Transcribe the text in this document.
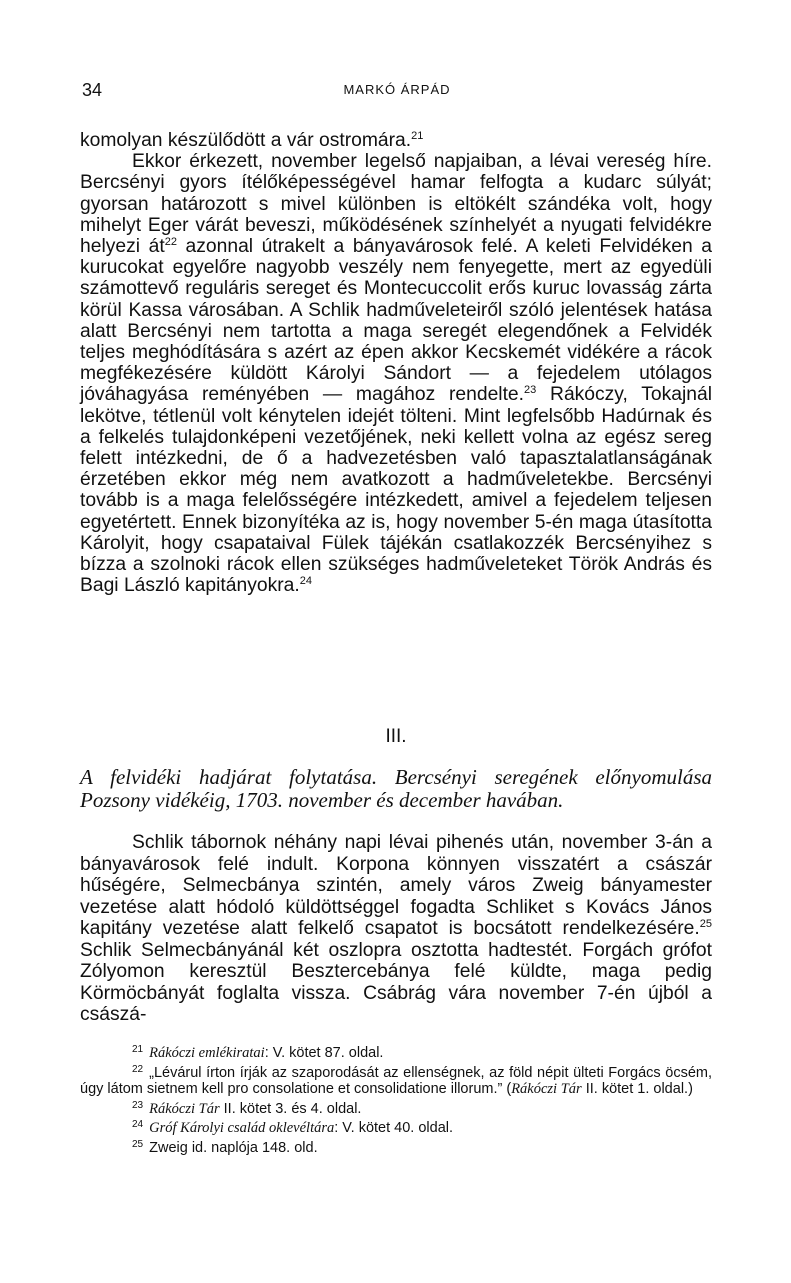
34	MARKÓ ÁRPÁD

komolyan készülődött a vár ostromára.$^{21}$

Ekkor érkezett, november legelső napjaiban, a lévai vereség híre. Bercsényi gyors ítélőképességével hamar felfogta a kudarc súlyát; gyorsan határozott s mivel különben is eltökélt szándéka volt, hogy mihelyt Eger várát beveszi, működésének színhelyét a nyugati felvidékre helyezi $át^{22}$ azonnal útrakelt a bányavárosok felé. A keleti Felvidéken a kurucokat egyelőre nagyobb veszély nem fenyegette, mert az egyedüli számottevő reguláris sereget és Montecuccolit erős kuruc lovasság zárta körül Kassa városában. A Schlik hadműveleteiről szóló jelentések hatása alatt Bercsényi nem tartotta a maga seregét elegendőnek a Felvidék teljes meghódítására s azért az épen akkor Kecskemét vidékére a rácok megfékezésére küldött Károlyi Sándort — a fejedelem utólagos jóváhagyása reményében — magához rendelte.$^{23}$ Rákóczy, Tokajnál lekötve, tétlenül volt kénytelen idejét tölteni. Mint legfelsőbb Hadúrnak és a felkelés tulajdonképeni vezetőjének, neki kellett volna az egész sereg felett intézkedni, de ő a hadvezetésben való tapasztalatlanságának érzetében ekkor még nem avatkozott a hadműveletekbe. Bercsényi tovább is a maga felelősségére intézkedett, amivel a fejedelem teljesen egyetértett. Ennek bizonyítéka az is, hogy november 5-én maga útasította Károlyit, hogy csapataival Fülek tájékán csatlakozzék Bercsényihez s bízza a szolnoki rácok ellen szükséges hadműveleteket Török András és Bagi László kapitányokra.$^{24}$

III.

A felvidéki hadjárat folytatása. Bercsényi seregének előnyomulása Pozsony vidékéig, 1703. november és december havában.

Schlik tábornok néhány napi lévai pihenés után, november 3-án a bányavárosok felé indult. Korpona könnyen visszatért a császár hűségére, Selmecbánya szintén, amely város Zweig bányamester vezetése alatt hódoló küldöttséggel fogadta Schliket s Kovács János kapitány vezetése alatt felkelő csapatot is bocsátott rendelkezésére.$^{25}$ Schlik Selmecbányánál két oszlopra osztotta hadtestét. Forgách grófot Zólyomon keresztül Besztercebánya felé küldte, maga pedig Körmöcbányát foglalta vissza. Csábrág vára november 7-én újból a császá-

$^{21}$ Rákóczi emlékiratai: V. kötet 87. oldal.

$^{22}$ „Lévárul írton írják az szaporodását az ellenségnek, az föld népit ülteti Forgács öcsém, úgy látom sietnem kell pro consolatione et consolidatione illorum.” (Rákóczi Tár II. kötet 1. oldal.)

$^{23}$ Rákóczi Tár II. kötet 3. és 4. oldal.

$^{24}$ Gróf Károlyi család oklevéltára: V. kötet 40. oldal.

$^{25}$ Zweig id. naplója 148. old.
